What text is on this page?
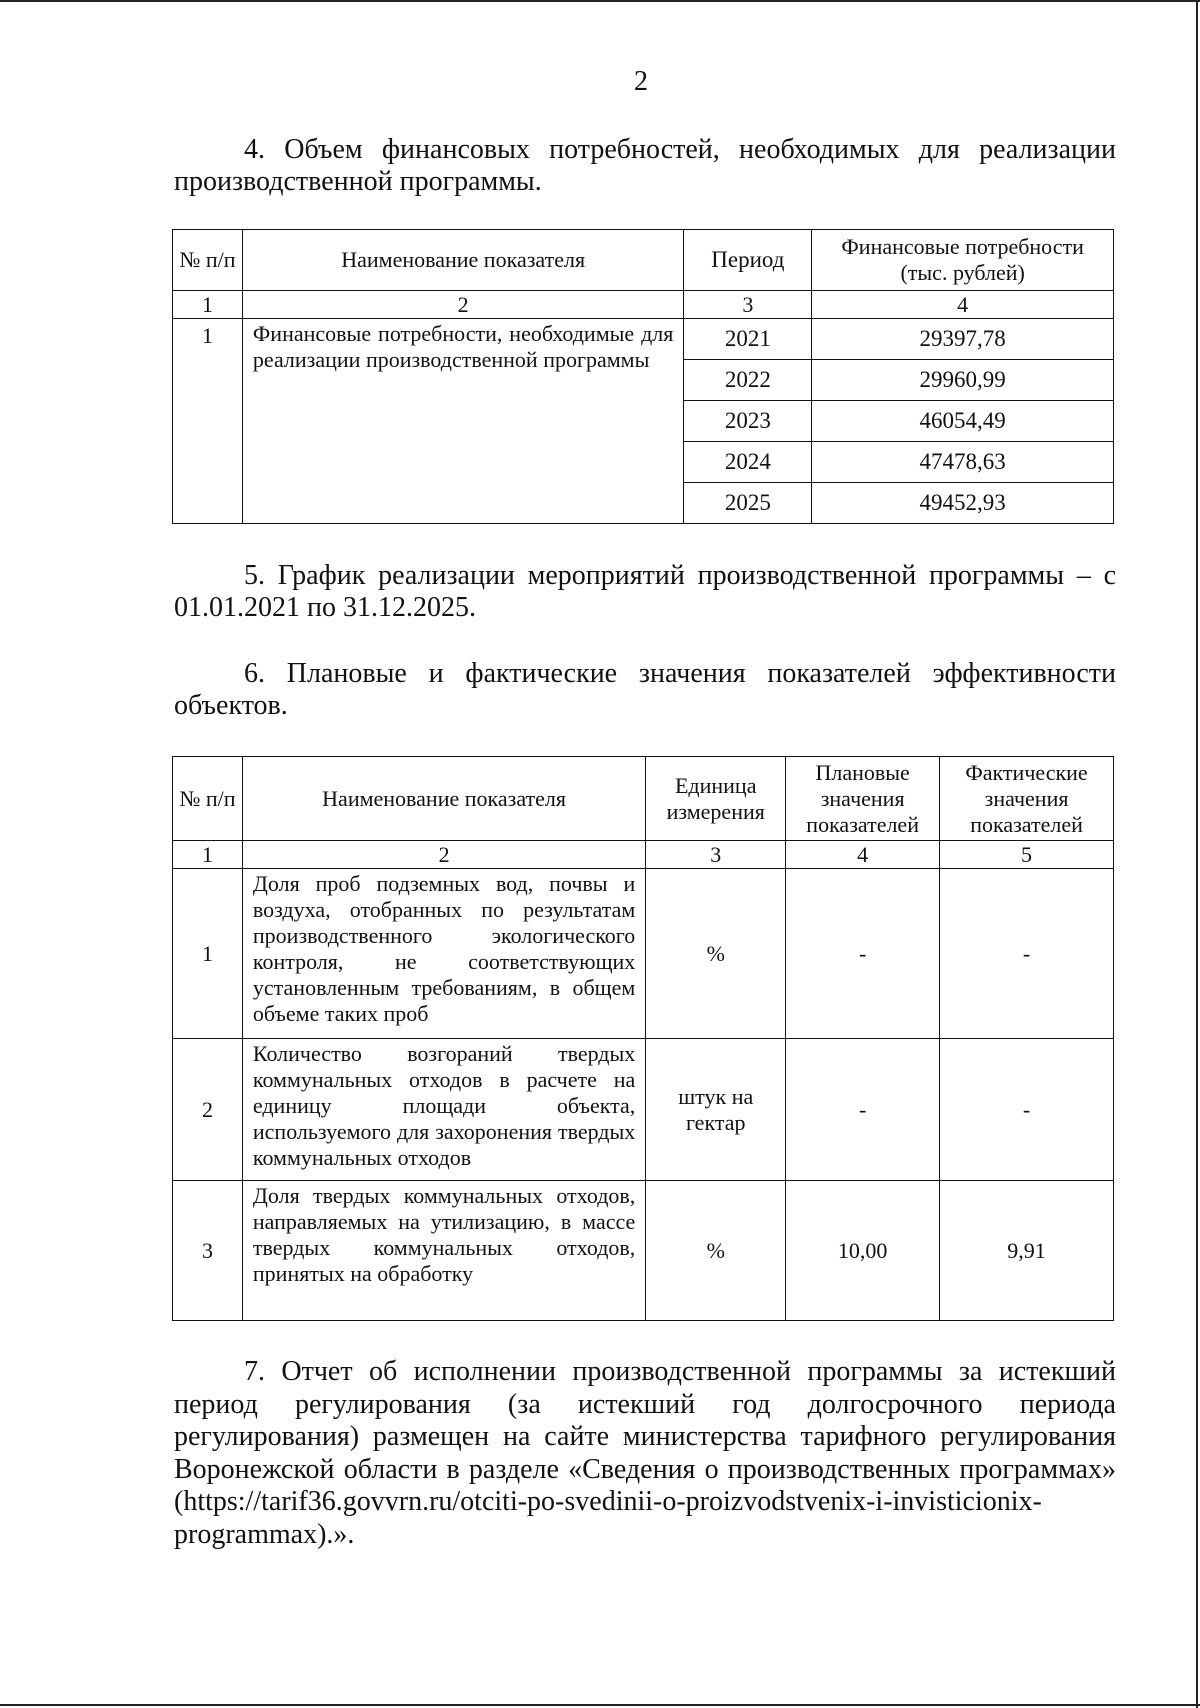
2

4. Объем финансовых потребностей, необходимых для реализации производственной программы.

№ п/п	Наименование показателя	Период	Финансовые потребности (тыс. рублей)
1	2	3	4
1	Финансовые потребности, необходимые для реализации производственной программы	2021	29397,78
		2022	29960,99
		2023	46054,49
		2024	47478,63
		2025	49452,93

5. График реализации мероприятий производственной программы – с 01.01.2021 по 31.12.2025.

6. Плановые и фактические значения показателей эффективности объектов.

№ п/п	Наименование показателя	Единица измерения	Плановые значения показателей	Фактические значения показателей
1	2	3	4	5
1	Доля проб подземных вод, почвы и воздуха, отобранных по результатам производственного экологического контроля, не соответствующих установленным требованиям, в общем объеме таких проб	%	-	-
2	Количество возгораний твердых коммунальных отходов в расчете на единицу площади объекта, используемого для захоронения твердых коммунальных отходов	штук на гектар	-	-
3	Доля твердых коммунальных отходов, направляемых на утилизацию, в массе твердых коммунальных отходов, принятых на обработку	%	10,00	9,91

7. Отчет об исполнении производственной программы за истекший период регулирования (за истекший год долгосрочного периода регулирования) размещен на сайте министерства тарифного регулирования Воронежской области в разделе «Сведения о производственных программах» (https://tarif36.govvrn.ru/otciti-po-svedinii-o-proizvodstvenix-i-invisticionix-programmax).».
